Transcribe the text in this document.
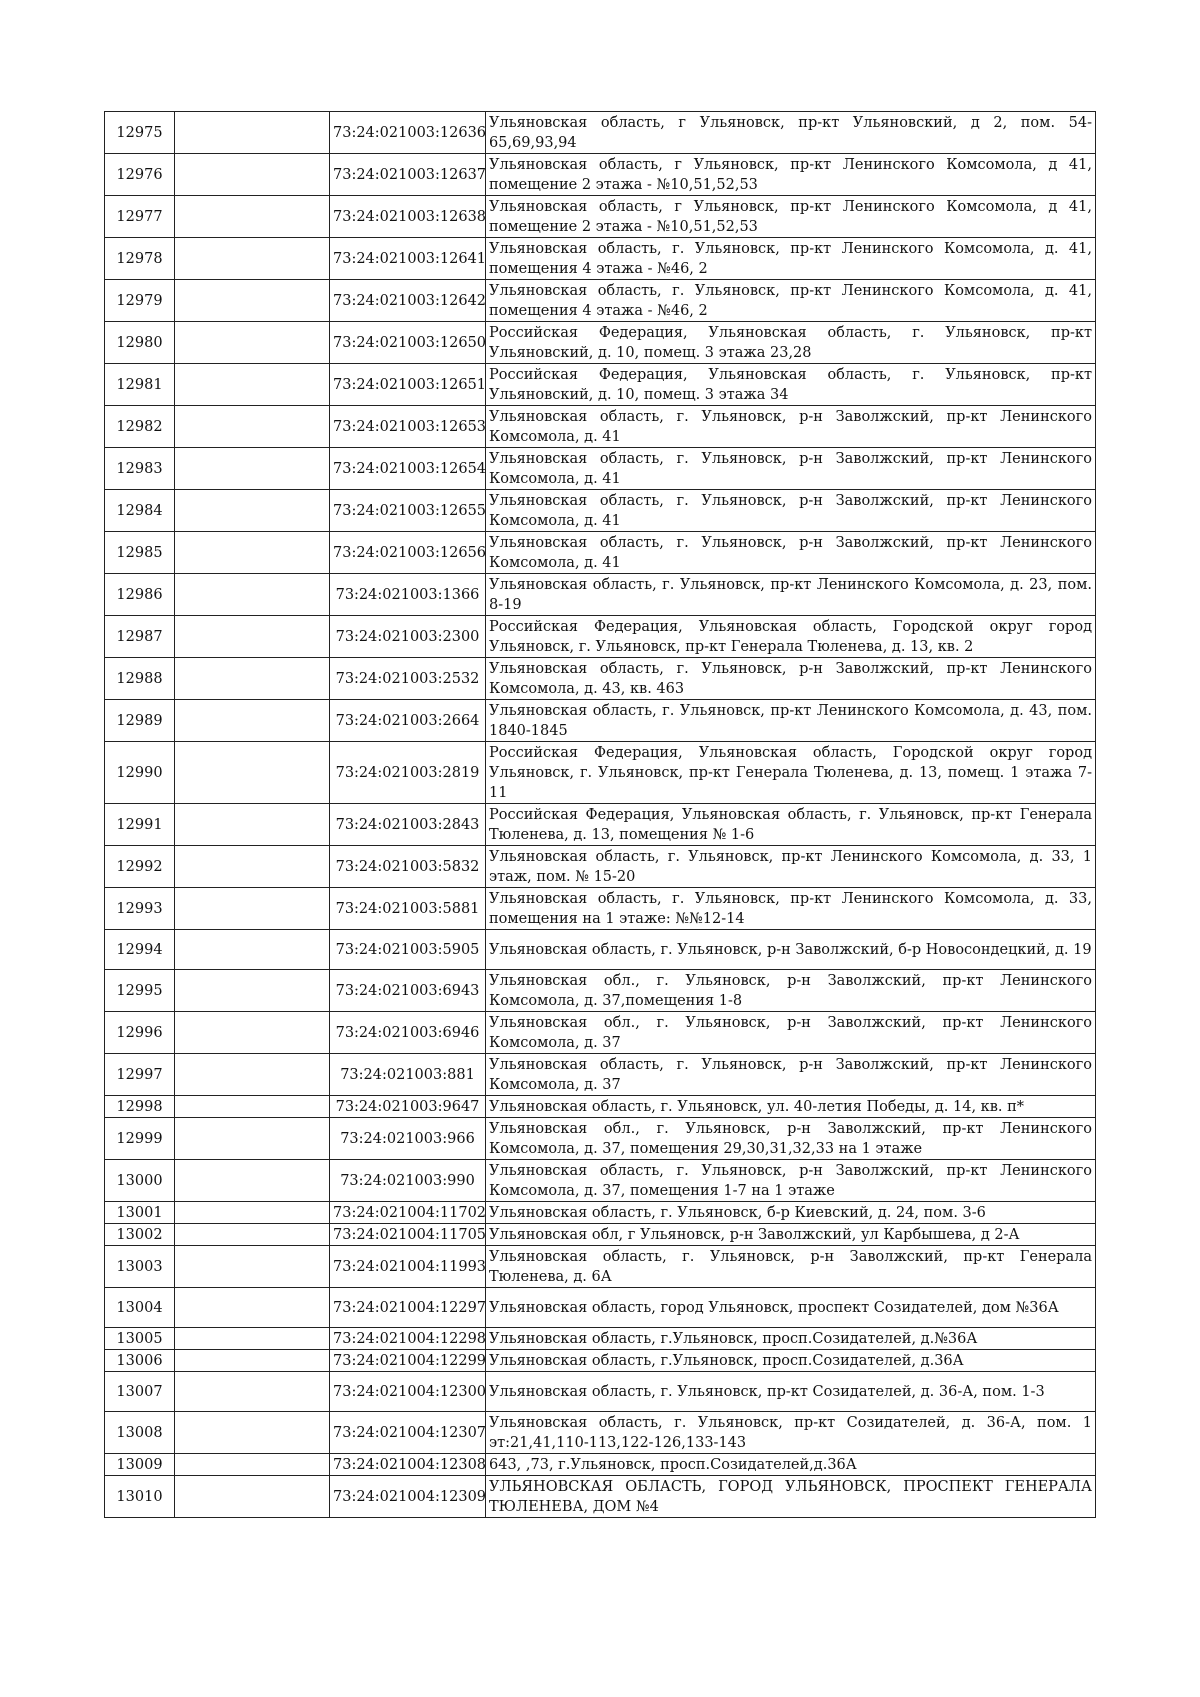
12975		73:24:021003:12636	Ульяновская область, г Ульяновск, пр-кт Ульяновский, д 2, пом. 54-65,69,93,94
12976		73:24:021003:12637	Ульяновская область, г Ульяновск, пр-кт Ленинского Комсомола, д 41, помещение 2 этажа - №10,51,52,53
12977		73:24:021003:12638	Ульяновская область, г Ульяновск, пр-кт Ленинского Комсомола, д 41, помещение 2 этажа - №10,51,52,53
12978		73:24:021003:12641	Ульяновская область, г. Ульяновск, пр-кт Ленинского Комсомола, д. 41, помещения 4 этажа - №46, 2
12979		73:24:021003:12642	Ульяновская область, г. Ульяновск, пр-кт Ленинского Комсомола, д. 41, помещения 4 этажа - №46, 2
12980		73:24:021003:12650	Российская Федерация, Ульяновская область, г. Ульяновск, пр-кт Ульяновский, д. 10, помещ. 3 этажа 23,28
12981		73:24:021003:12651	Российская Федерация, Ульяновская область, г. Ульяновск, пр-кт Ульяновский, д. 10, помещ. 3 этажа 34
12982		73:24:021003:12653	Ульяновская область, г. Ульяновск, р-н Заволжский, пр-кт Ленинского Комсомола, д. 41
12983		73:24:021003:12654	Ульяновская область, г. Ульяновск, р-н Заволжский, пр-кт Ленинского Комсомола, д. 41
12984		73:24:021003:12655	Ульяновская область, г. Ульяновск, р-н Заволжский, пр-кт Ленинского Комсомола, д. 41
12985		73:24:021003:12656	Ульяновская область, г. Ульяновск, р-н Заволжский, пр-кт Ленинского Комсомола, д. 41
12986		73:24:021003:1366	Ульяновская область, г. Ульяновск, пр-кт Ленинского Комсомола, д. 23, пом. 8-19
12987		73:24:021003:2300	Российская Федерация, Ульяновская область, Городской округ город Ульяновск, г. Ульяновск, пр-кт Генерала Тюленева, д. 13, кв. 2
12988		73:24:021003:2532	Ульяновская область, г. Ульяновск, р-н Заволжский, пр-кт Ленинского Комсомола, д. 43, кв. 463
12989		73:24:021003:2664	Ульяновская область, г. Ульяновск, пр-кт Ленинского Комсомола, д. 43, пом. 1840-1845
12990		73:24:021003:2819	Российская Федерация, Ульяновская область, Городской округ город Ульяновск, г. Ульяновск, пр-кт Генерала Тюленева, д. 13, помещ. 1 этажа 7-11
12991		73:24:021003:2843	Российская Федерация, Ульяновская область, г. Ульяновск, пр-кт Генерала Тюленева, д. 13, помещения № 1-6
12992		73:24:021003:5832	Ульяновская область, г. Ульяновск, пр-кт Ленинского Комсомола, д. 33, 1 этаж, пом. № 15-20
12993		73:24:021003:5881	Ульяновская область, г. Ульяновск, пр-кт Ленинского Комсомола, д. 33, помещения на 1 этаже: №№12-14
12994		73:24:021003:5905	Ульяновская область, г. Ульяновск, р-н Заволжский, б-р Новосондецкий, д. 19
12995		73:24:021003:6943	Ульяновская обл., г. Ульяновск, р-н Заволжский, пр-кт Ленинского Комсомола, д. 37,помещения 1-8
12996		73:24:021003:6946	Ульяновская обл., г. Ульяновск, р-н Заволжский, пр-кт Ленинского Комсомола, д. 37
12997		73:24:021003:881	Ульяновская область, г. Ульяновск, р-н Заволжский, пр-кт Ленинского Комсомола, д. 37
12998		73:24:021003:9647	Ульяновская область, г. Ульяновск, ул. 40-летия Победы, д. 14, кв. п*
12999		73:24:021003:966	Ульяновская обл., г. Ульяновск, р-н Заволжский, пр-кт Ленинского Комсомола, д. 37, помещения 29,30,31,32,33 на 1 этаже
13000		73:24:021003:990	Ульяновская область, г. Ульяновск, р-н Заволжский, пр-кт Ленинского Комсомола, д. 37, помещения 1-7 на 1 этаже
13001		73:24:021004:11702	Ульяновская область, г. Ульяновск, б-р Киевский, д. 24, пом. 3-6
13002		73:24:021004:11705	Ульяновская обл, г Ульяновск, р-н Заволжский, ул Карбышева, д 2-А
13003		73:24:021004:11993	Ульяновская область, г. Ульяновск, р-н Заволжский, пр-кт Генерала Тюленева, д. 6А
13004		73:24:021004:12297	Ульяновская область, город Ульяновск, проспект Созидателей, дом №36А
13005		73:24:021004:12298	Ульяновская область, г.Ульяновск, просп.Созидателей, д.№36А
13006		73:24:021004:12299	Ульяновская область, г.Ульяновск, просп.Созидателей, д.36А
13007		73:24:021004:12300	Ульяновская область, г. Ульяновск, пр-кт Созидателей, д. 36-А, пом. 1-3
13008		73:24:021004:12307	Ульяновская область, г. Ульяновск, пр-кт Созидателей, д. 36-А, пом. 1 эт:21,41,110-113,122-126,133-143
13009		73:24:021004:12308	643, ,73, г.Ульяновск, просп.Созидателей,д.36А
13010		73:24:021004:12309	УЛЬЯНОВСКАЯ ОБЛАСТЬ, ГОРОД УЛЬЯНОВСК, ПРОСПЕКТ ГЕНЕРАЛА ТЮЛЕНЕВА, ДОМ №4
